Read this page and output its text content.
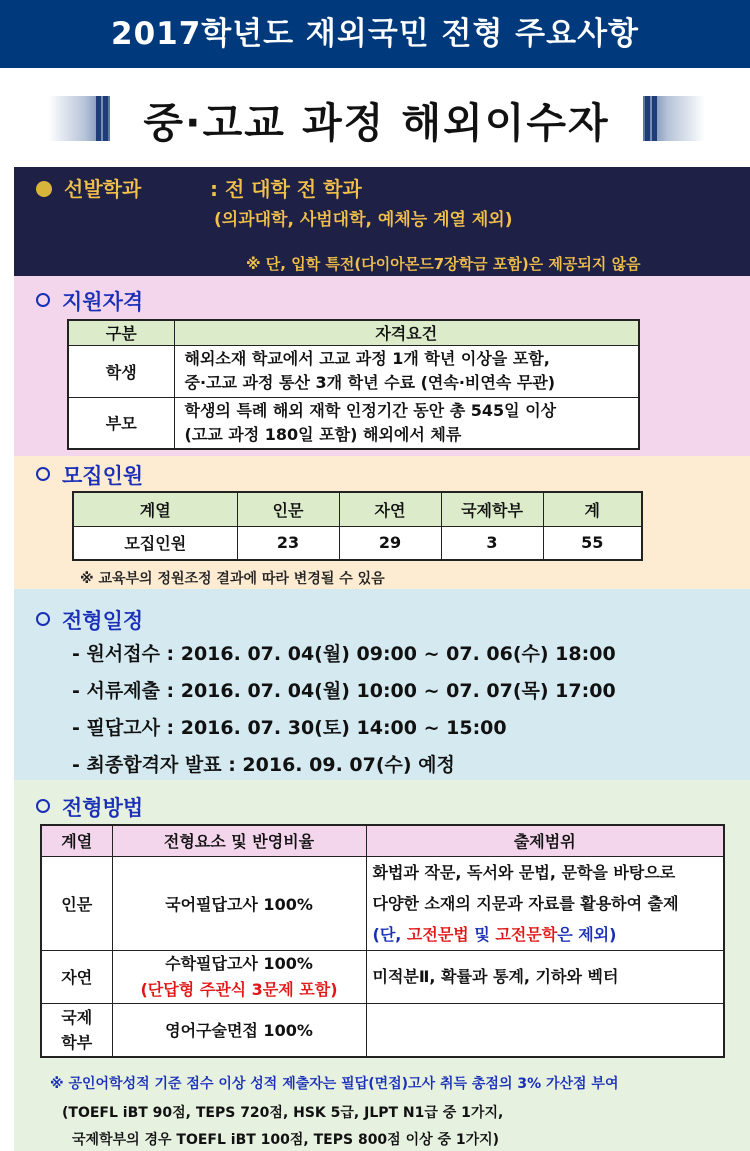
2017학년도 재외국민 전형 주요사항
중·고교 과정 해외이수자
선발학과	: 전 대학 전 학과
(의과대학, 사범대학, 예체능 계열 제외)
※ 단, 입학 특전(다이아몬드7장학금 포함)은 제공되지 않음
지원자격
구분	자격요건
학생	해외소재 학교에서 고교 과정 1개 학년 이상을 포함,
중·고교 과정 통산 3개 학년 수료 (연속·비연속 무관)

부모	학생의 특례 해외 재학 인정기간 동안 총 545일 이상
(고교 과정 180일 포함) 해외에서 체류
모집인원
계열	인문	자연	국제학부	계
모집인원	23	29	3	55
※ 교육부의 정원조정 결과에 따라 변경될 수 있음
전형일정
- 원서접수 : 2016. 07. 04(월) 09:00 ~ 07. 06(수) 18:00
- 서류제출 : 2016. 07. 04(월) 10:00 ~ 07. 07(목) 17:00
- 필답고사 : 2016. 07. 30(토) 14:00 ~ 15:00
- 최종합격자 발표 : 2016. 09. 07(수) 예정
전형방법
계열	전형요소 및 반영비율	출제범위
인문	국어필답고사 100%	화법과 작문, 독서와 문법, 문학을 바탕으로
다양한 소재의 지문과 자료를 활용하여 출제
(단, 고전문법 및 고전문학은 제외)

자연	수학필답고사 100%
(단답형 주관식 3문제 포함)	미적분Ⅱ, 확률과 통계, 기하와 벡터

국제
학부	영어구술면접 100%	
※ 공인어학성적 기준 점수 이상 성적 제출자는 필답(면접)고사 취득 총점의 3% 가산점 부여
(TOEFL iBT 90점, TEPS 720점, HSK 5급, JLPT N1급 중 1가지,
국제학부의 경우 TOEFL iBT 100점, TEPS 800점 이상 중 1가지)
